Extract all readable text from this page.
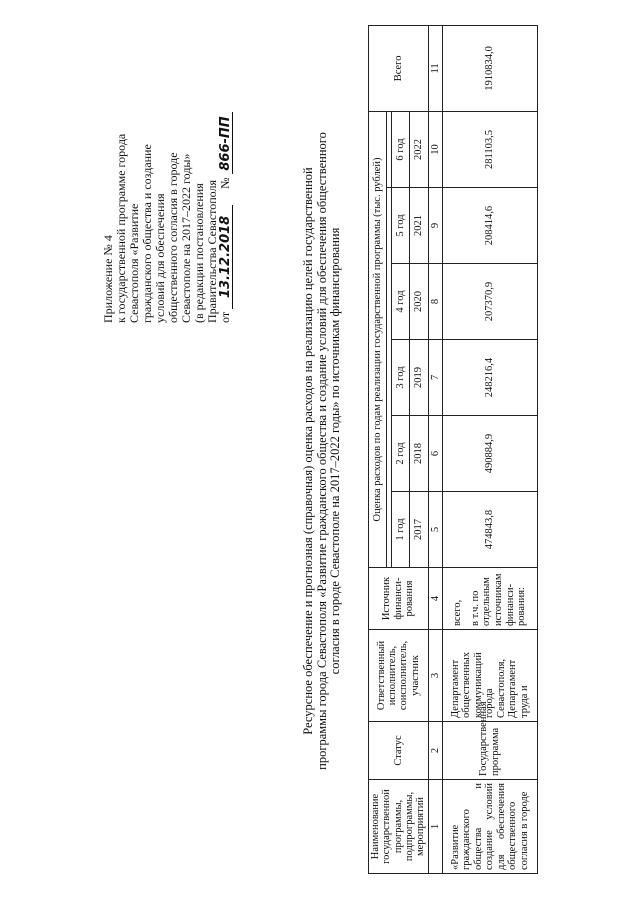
Приложение № 4
к государственной программе города
Севастополя «Развитие
гражданского общества и создание
условий для обеспечения
общественного согласия в городе
Севастополе на 2017–2022 годы»
(в редакции постановления
Правительства Севастополя
от 13.12.2018  № 866-ПП
Ресурсное обеспечение и прогнозная (справочная) оценка расходов на реализацию целей государственной программы города Севастополя «Развитие гражданского общества и создание условий для обеспечения общественного согласия в городе Севастополе на 2017–2022 годы» по источникам финансирования
Наименование государственной программы, подпрограммы, мероприятий	Статус	Ответственный исполнитель, соисполнитель, участник	Источник финанси-рования	Оценка расходов по годам реализации государственной программы (тыс. рублей)						Всего

				1 год	2 год	3 год	4 год	5 год	6 год	
				2017	2018	2019	2020	2021	2022	
1	2	3	4	5	6	7	8	9	10	11
«Развитие гражданского общества и создание условий для обеспечения общественного согласия в городе	Государственная программа	Департамент общественных коммуникаций города Севастополя, Департамент труда и	всего, в т.ч. по отдельным источникам финанси-рования:	474843,8	490884,9	248216,4	207370,9	208414,6	281103,5	1910834,0
